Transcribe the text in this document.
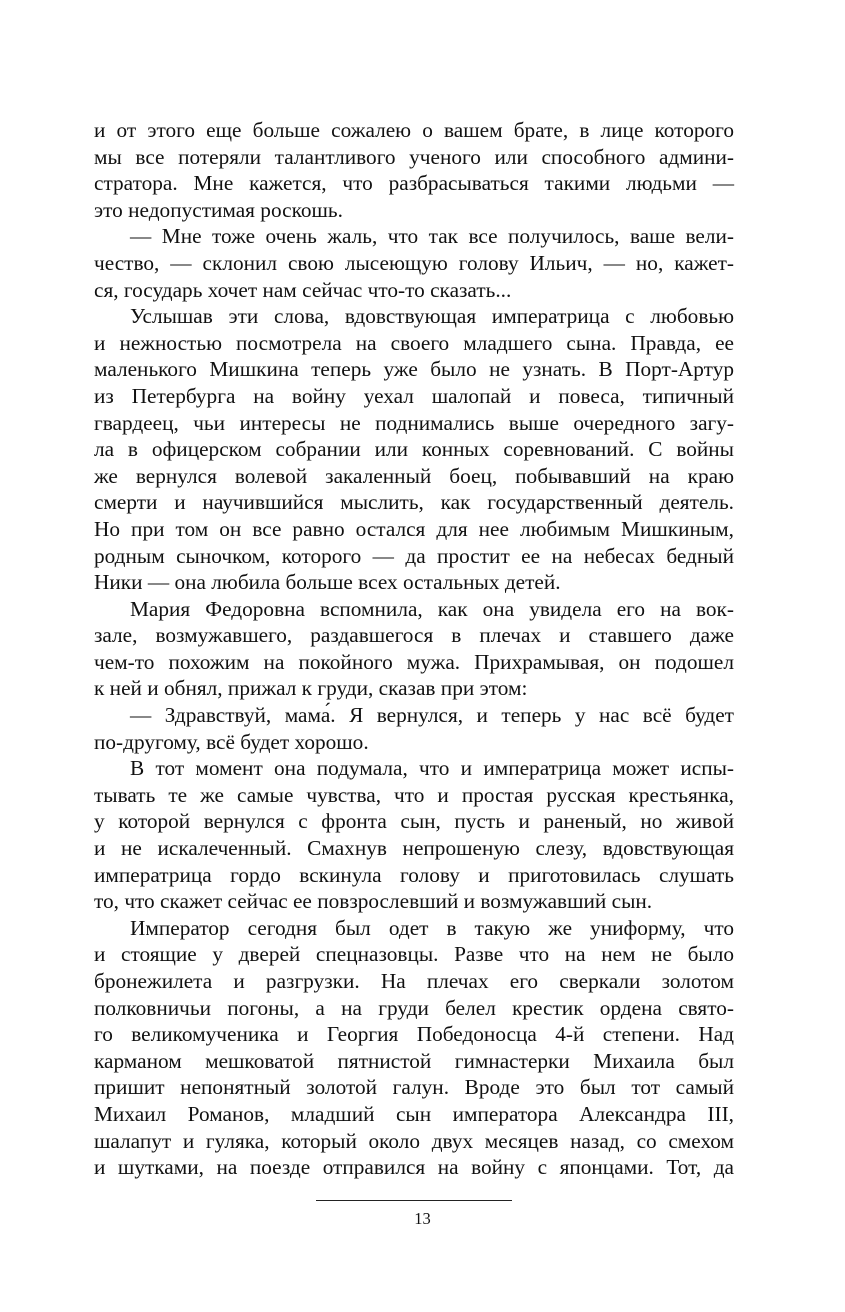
и от этого еще больше сожалею о вашем брате, в лице которого
мы все потеряли талантливого ученого или способного админи-
стратора. Мне кажется, что разбрасываться такими людьми —
это недопустимая роскошь.
— Мне тоже очень жаль, что так все получилось, ваше вели-
чество, — склонил свою лысеющую голову Ильич, — но, кажет-
ся, государь хочет нам сейчас что-то сказать...
Услышав эти слова, вдовствующая императрица с любовью
и нежностью посмотрела на своего младшего сына. Правда, ее
маленького Мишкина теперь уже было не узнать. В Порт-Артур
из Петербурга на войну уехал шалопай и повеса, типичный
гвардеец, чьи интересы не поднимались выше очередного загу-
ла в офицерском собрании или конных соревнований. С войны
же вернулся волевой закаленный боец, побывавший на краю
смерти и научившийся мыслить, как государственный деятель.
Но при том он все равно остался для нее любимым Мишкиным,
родным сыночком, которого — да простит ее на небесах бедный
Ники — она любила больше всех остальных детей.
Мария Федоровна вспомнила, как она увидела его на вок-
зале, возмужавшего, раздавшегося в плечах и ставшего даже
чем-то похожим на покойного мужа. Прихрамывая, он подошел
к ней и обнял, прижал к груди, сказав при этом:
— Здравствуй, мама́. Я вернулся, и теперь у нас всё будет
по-другому, всё будет хорошо.
В тот момент она подумала, что и императрица может испы-
тывать те же самые чувства, что и простая русская крестьянка,
у которой вернулся с фронта сын, пусть и раненый, но живой
и не искалеченный. Смахнув непрошеную слезу, вдовствующая
императрица гордо вскинула голову и приготовилась слушать
то, что скажет сейчас ее повзрослевший и возмужавший сын.
Император сегодня был одет в такую же униформу, что
и стоящие у дверей спецназовцы. Разве что на нем не было
бронежилета и разгрузки. На плечах его сверкали золотом
полковничьи погоны, а на груди белел крестик ордена свято-
го великомученика и Георгия Победоносца 4-й степени. Над
карманом мешковатой пятнистой гимнастерки Михаила был
пришит непонятный золотой галун. Вроде это был тот самый
Михаил Романов, младший сын императора Александра III,
шалапут и гуляка, который около двух месяцев назад, со смехом
и шутками, на поезде отправился на войну с японцами. Тот, да
13
